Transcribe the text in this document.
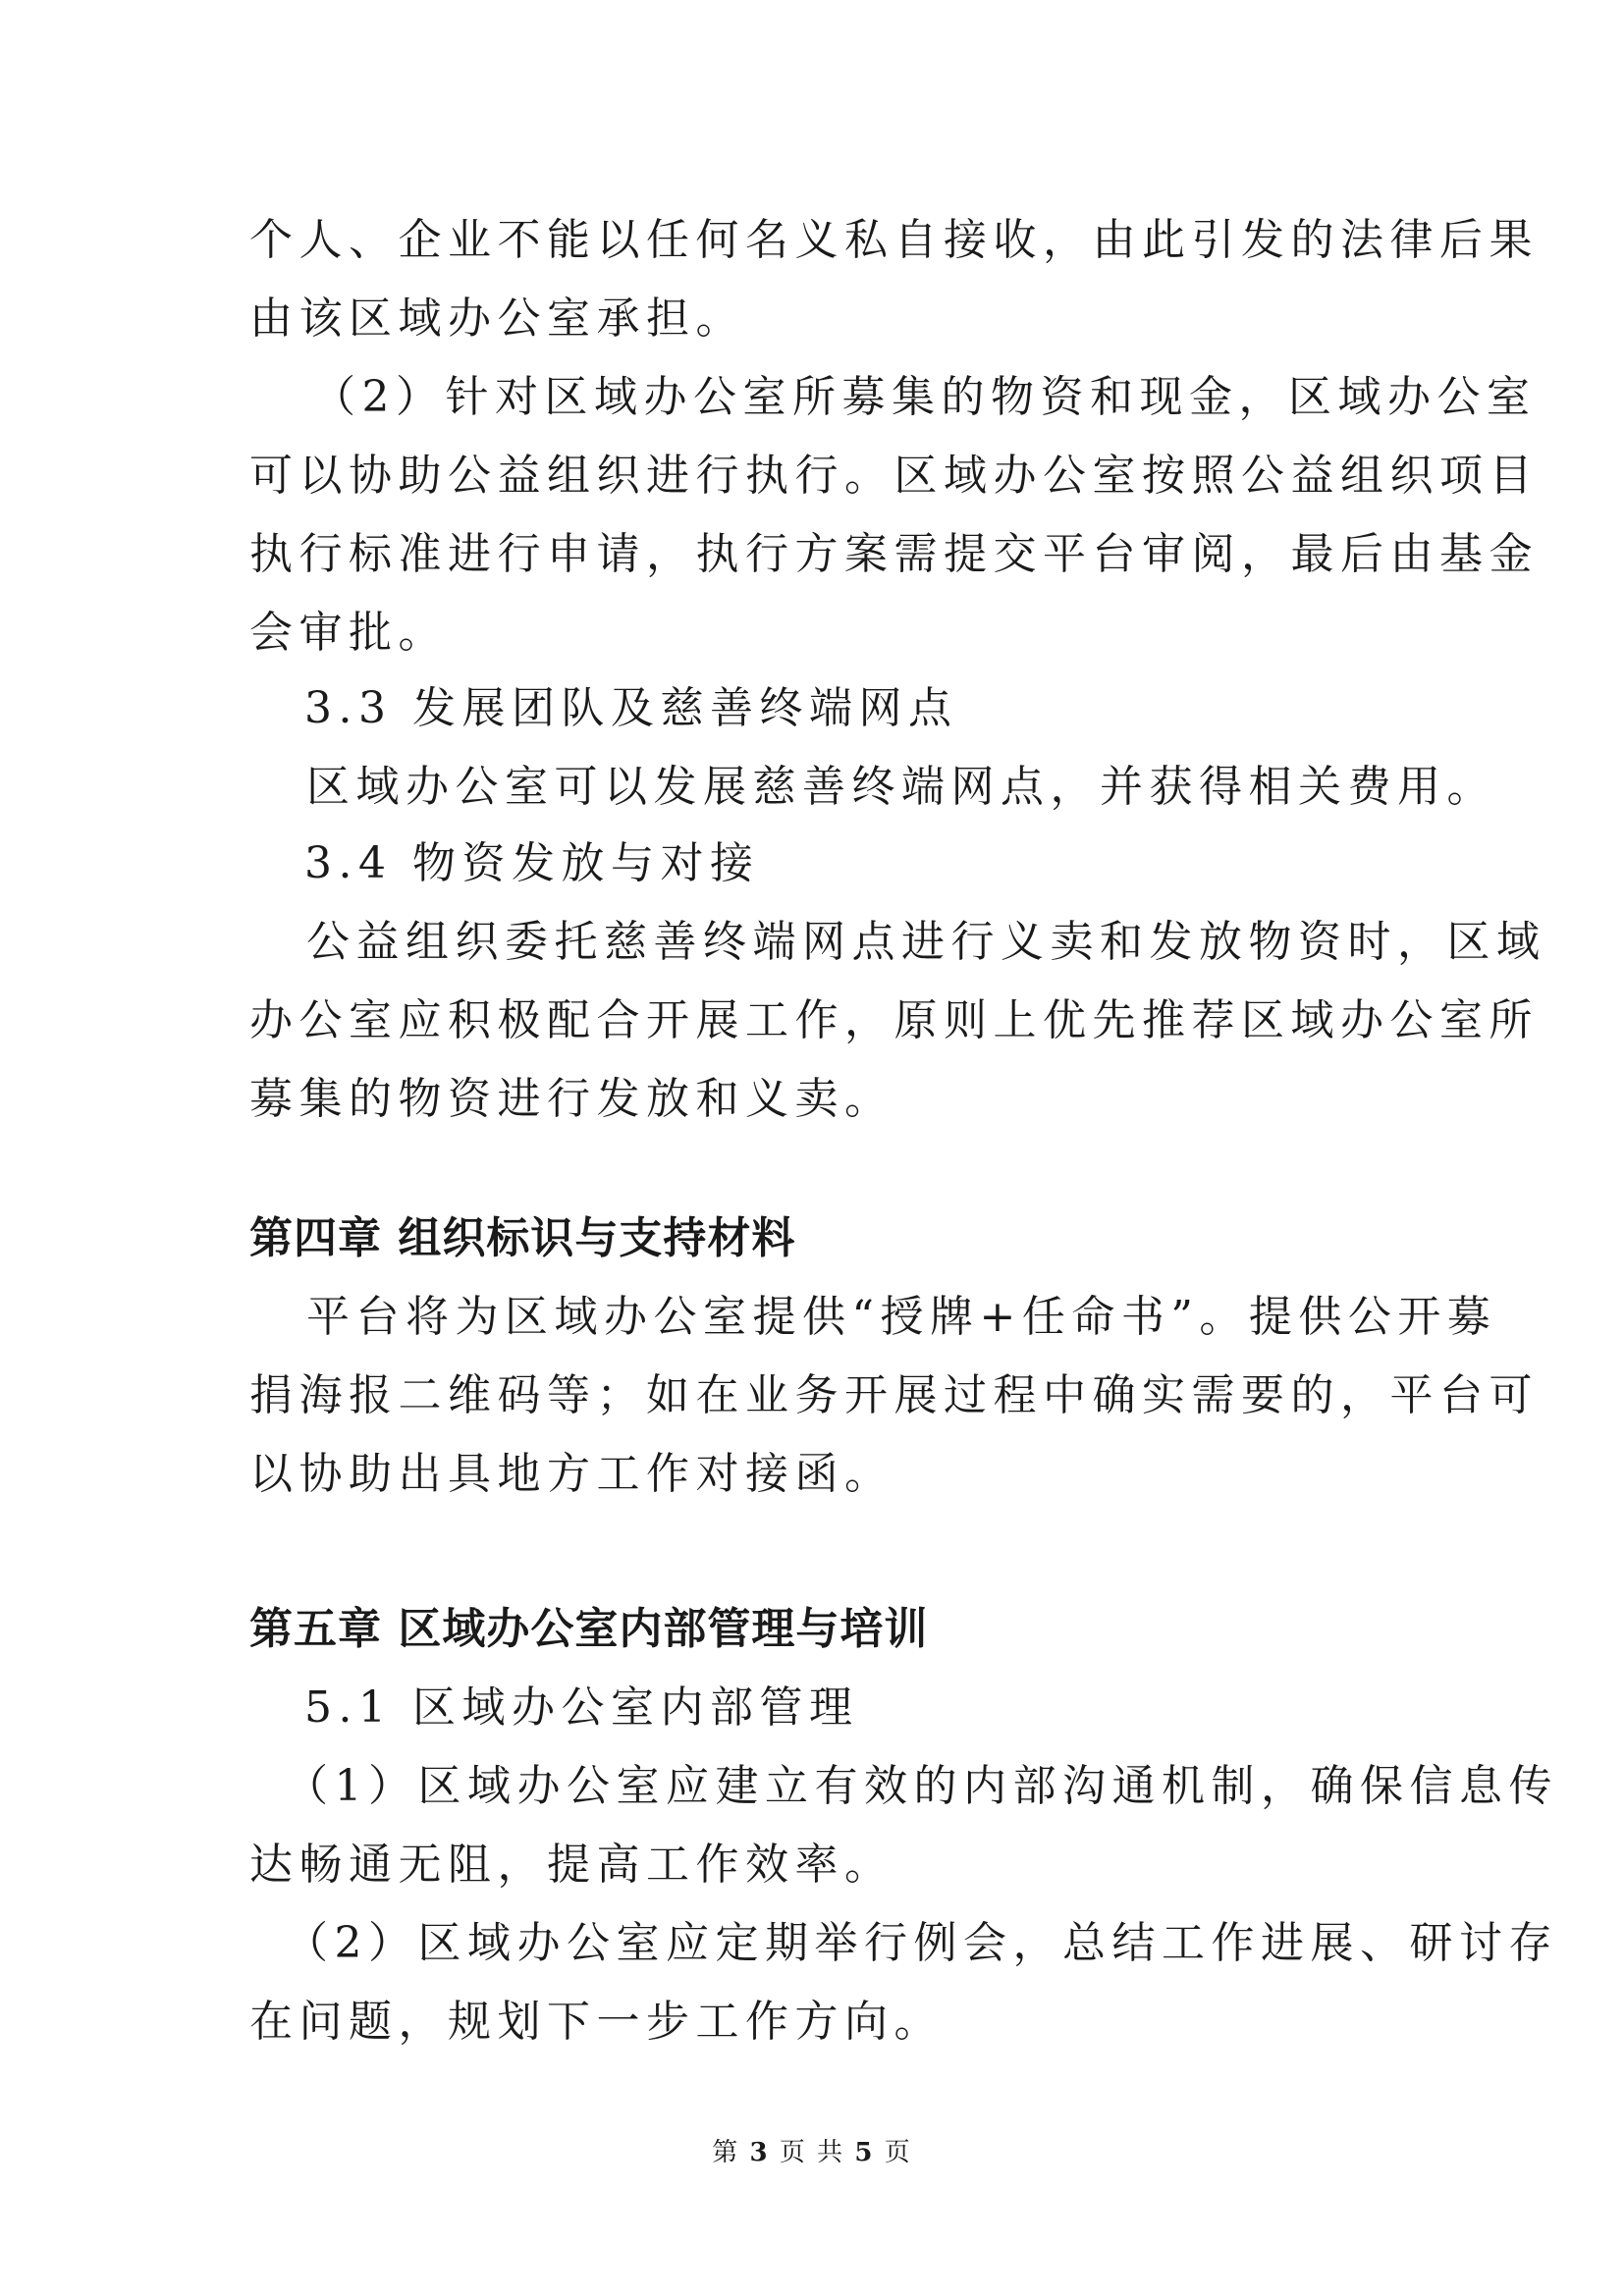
个人、企业不能以任何名义私自接收，由此引发的法律后果
由该区域办公室承担。
（2）针对区域办公室所募集的物资和现金，区域办公室
可以协助公益组织进行执行。区域办公室按照公益组织项目
执行标准进行申请，执行方案需提交平台审阅，最后由基金
会审批。
3.3 发展团队及慈善终端网点
区域办公室可以发展慈善终端网点，并获得相关费用。
3.4 物资发放与对接
公益组织委托慈善终端网点进行义卖和发放物资时，区域
办公室应积极配合开展工作，原则上优先推荐区域办公室所
募集的物资进行发放和义卖。
第四章 组织标识与支持材料
平台将为区域办公室提供“授牌+任命书”。提供公开募
捐海报二维码等；如在业务开展过程中确实需要的，平台可
以协助出具地方工作对接函。
第五章 区域办公室内部管理与培训
5.1 区域办公室内部管理
（1）区域办公室应建立有效的内部沟通机制，确保信息传
达畅通无阻，提高工作效率。
（2）区域办公室应定期举行例会，总结工作进展、研讨存
在问题，规划下一步工作方向。
第 3 页 共 5 页
